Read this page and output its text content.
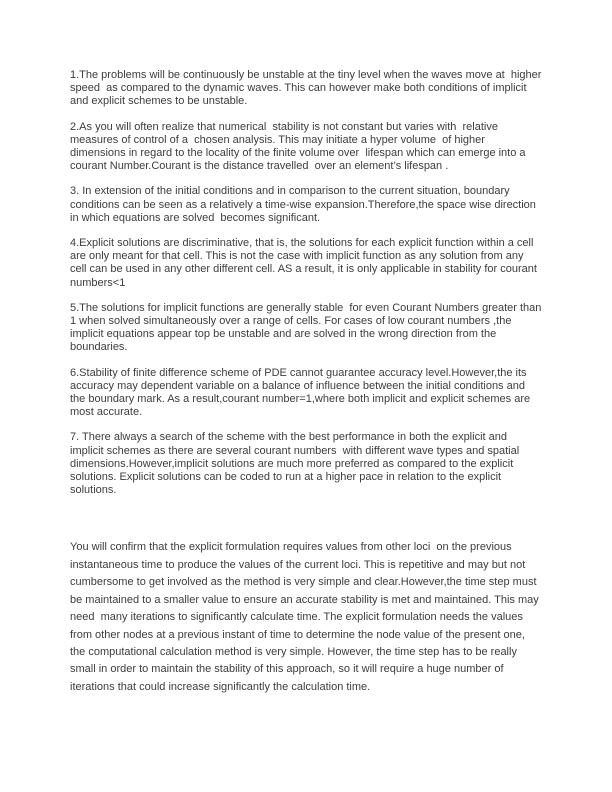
1.The problems will be continuously be unstable at the tiny level when the waves move at  higher speed  as compared to the dynamic waves. This can however make both conditions of implicit and explicit schemes to be unstable.

2.As you will often realize that numerical  stability is not constant but varies with  relative measures of control of a  chosen analysis. This may initiate a hyper volume  of higher dimensions in regard to the locality of the finite volume over  lifespan which can emerge into a courant Number.Courant is the distance travelled  over an element’s lifespan .

3. In extension of the initial conditions and in comparison to the current situation, boundary conditions can be seen as a relatively a time-wise expansion.Therefore,the space wise direction in which equations are solved  becomes significant.

4.Explicit solutions are discriminative, that is, the solutions for each explicit function within a cell are only meant for that cell. This is not the case with implicit function as any solution from any cell can be used in any other different cell. AS a result, it is only applicable in stability for courant numbers<1

5.The solutions for implicit functions are generally stable  for even Courant Numbers greater than 1 when solved simultaneously over a range of cells. For cases of low courant numbers ,the implicit equations appear top be unstable and are solved in the wrong direction from the boundaries.

6.Stability of finite difference scheme of PDE cannot guarantee accuracy level.However,the its accuracy may dependent variable on a balance of influence between the initial conditions and the boundary mark. As a result,courant number=1,where both implicit and explicit schemes are most accurate.

7. There always a search of the scheme with the best performance in both the explicit and implicit schemes as there are several courant numbers  with different wave types and spatial dimensions.However,implicit solutions are much more preferred as compared to the explicit solutions. Explicit solutions can be coded to run at a higher pace in relation to the explicit solutions.

You will confirm that the explicit formulation requires values from other loci  on the previous instantaneous time to produce the values of the current loci. This is repetitive and may but not  cumbersome to get involved as the method is very simple and clear.However,the time step must be maintained to a smaller value to ensure an accurate stability is met and maintained. This may need  many iterations to significantly calculate time. The explicit formulation needs the values from other nodes at a previous instant of time to determine the node value of the present one, the computational calculation method is very simple. However, the time step has to be really small in order to maintain the stability of this approach, so it will require a huge number of iterations that could increase significantly the calculation time.
